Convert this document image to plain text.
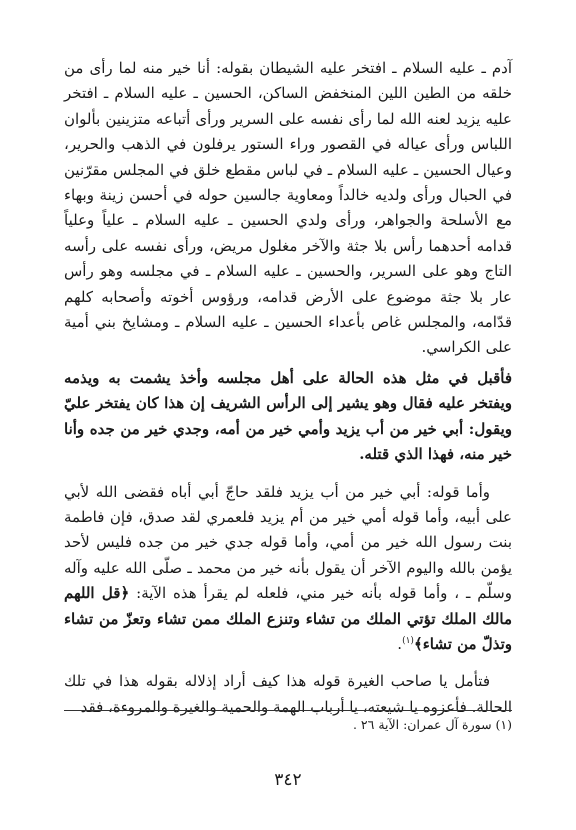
آدم ـ عليه السلام ـ افتخر عليه الشيطان بقوله: أنا خير منه لما رأى من خلقه من الطين اللين المنخفض الساكن، الحسين ـ عليه السلام ـ افتخر عليه يزيد لعنه الله لما رأى نفسه على السرير ورأى أتباعه متزينين بألوان اللباس ورأى عياله في القصور وراء الستور يرفلون في الذهب والحرير، وعيال الحسين ـ عليه السلام ـ في لباس مقطع خلق في المجلس مقرّنين في الحبال ورأى ولديه خالداً ومعاوية جالسين حوله في أحسن زينة وبهاء مع الأسلحة والجواهر، ورأى ولدي الحسين ـ عليه السلام ـ علياً وعلياً قدامه أحدهما رأس بلا جثة والآخر مغلول مريض، ورأى نفسه على رأسه التاج وهو على السرير، والحسين ـ عليه السلام ـ في مجلسه وهو رأس عار بلا جثة موضوع على الأرض قدامه، ورؤوس أخوته وأصحابه كلهم قدّامه، والمجلس غاص بأعداء الحسين ـ عليه السلام ـ ومشايخ بني أمية على الكراسي.

فأقبل في مثل هذه الحالة على أهل مجلسه وأخذ يشمت به ويذمه ويفتخر عليه فقال وهو يشير إلى الرأس الشريف إن هذا كان يفتخر عليّ ويقول: أبي خير من أب يزيد وأمي خير من أمه، وجدي خير من جده وأنا خير منه، فهذا الذي قتله.

وأما قوله: أبي خير من أب يزيد فلقد حاجّ أبي أباه فقضى الله لأبي على أبيه، وأما قوله أمي خير من أم يزيد فلعمري لقد صدق، فإن فاطمة بنت رسول الله خير من أمي، وأما قوله جدي خير من جده فليس لأحد يؤمن بالله واليوم الآخر أن يقول بأنه خير من محمد ـ صلّى الله عليه وآله وسلّم ـ ، وأما قوله بأنه خير مني، فلعله لم يقرأ هذه الآية: ﴿قل اللهم مالك الملك تؤتي الملك من تشاء وتنزع الملك ممن تشاء وتعزّ من تشاء وتذلّ من تشاء﴾$^{(١)}$.

فتأمل يا صاحب الغيرة قوله هذا كيف أراد إذلاله بقوله هذا في تلك الحالة. فأعزوه يا شيعته، يا أرباب الهمة والحمية والغيرة والمروءة، فقد

(١) سورة آل عمران: الآية ٢٦ .
٣٤٢
